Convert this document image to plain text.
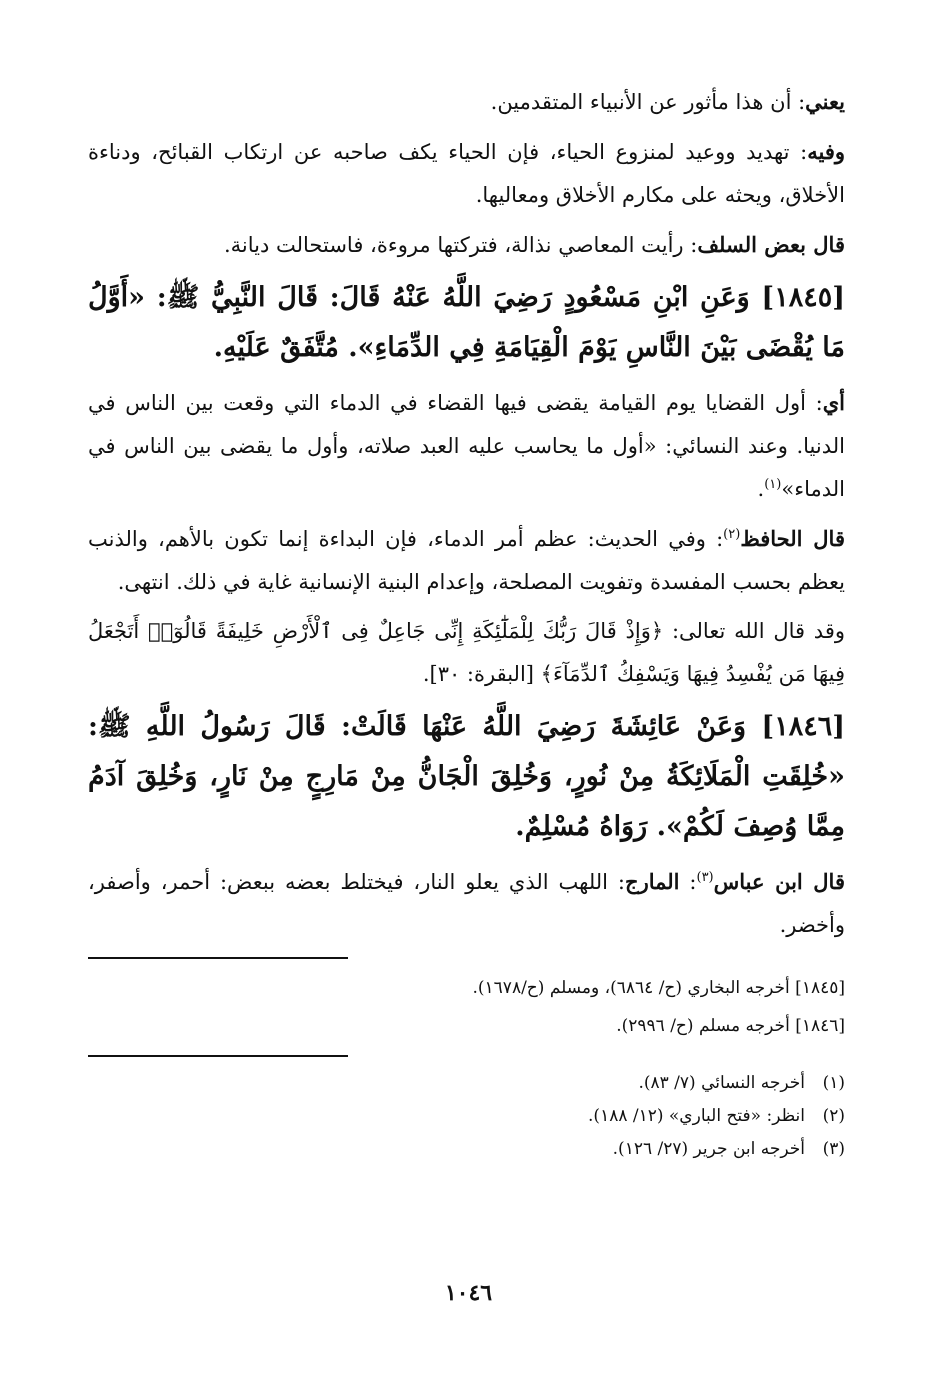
يعني: أن هذا مأثور عن الأنبياء المتقدمين.

وفيه: تهديد ووعيد لمنزوع الحياء، فإن الحياء يكف صاحبه عن ارتكاب القبائح، ودناءة الأخلاق، ويحثه على مكارم الأخلاق ومعاليها.

قال بعض السلف: رأيت المعاصي نذالة، فتركتها مروءة، فاستحالت ديانة.

[١٨٤٥] وَعَنِ ابْنِ مَسْعُودٍ رَضِيَ اللَّهُ عَنْهُ قَالَ: قَالَ النَّبِيُّ ﷺ: «أَوَّلُ مَا يُقْضَى بَيْنَ النَّاسِ يَوْمَ الْقِيَامَةِ فِي الدِّمَاءِ». مُتَّفَقٌ عَلَيْهِ.

أي: أول القضايا يوم القيامة يقضى فيها القضاء في الدماء التي وقعت بين الناس في الدنيا. وعند النسائي: «أول ما يحاسب عليه العبد صلاته، وأول ما يقضى بين الناس في الدماء»$^{(١)}$.

قال الحافظ$^{(٢)}$: وفي الحديث: عظم أمر الدماء، فإن البداءة إنما تكون بالأهم، والذنب يعظم بحسب المفسدة وتفويت المصلحة، وإعدام البنية الإنسانية غاية في ذلك. انتهى.

وقد قال الله تعالى: ﴿وَإِذْ قَالَ رَبُّكَ لِلْمَلَٰٓئِكَةِ إِنِّى جَاعِلٌ فِى ٱلْأَرْضِ خَلِيفَةً قَالُوٓا۟ أَتَجْعَلُ فِيهَا مَن يُفْسِدُ فِيهَا وَيَسْفِكُ ٱلدِّمَآءَ﴾ [البقرة: ٣٠].

[١٨٤٦] وَعَنْ عَائِشَةَ رَضِيَ اللَّهُ عَنْهَا قَالَتْ: قَالَ رَسُولُ اللَّهِ ﷺ: «خُلِقَتِ الْمَلَائِكَةُ مِنْ نُورٍ، وَخُلِقَ الْجَانُّ مِنْ مَارِجٍ مِنْ نَارٍ، وَخُلِقَ آدَمُ مِمَّا وُصِفَ لَكُمْ». رَوَاهُ مُسْلِمٌ.

قال ابن عباس$^{(٣)}$: المارج: اللهب الذي يعلو النار، فيختلط بعضه ببعض: أحمر، وأصفر، وأخضر.

[١٨٤٥] أخرجه البخاري (ح/ ٦٨٦٤)، ومسلم (ح/١٦٧٨).

[١٨٤٦] أخرجه مسلم (ح/ ٢٩٩٦).

(١)أخرجه النسائي (٧/ ٨٣).

(٢)انظر: «فتح الباري» (١٢/ ١٨٨).

(٣)أخرجه ابن جرير (٢٧/ ١٢٦).

١٠٤٦
